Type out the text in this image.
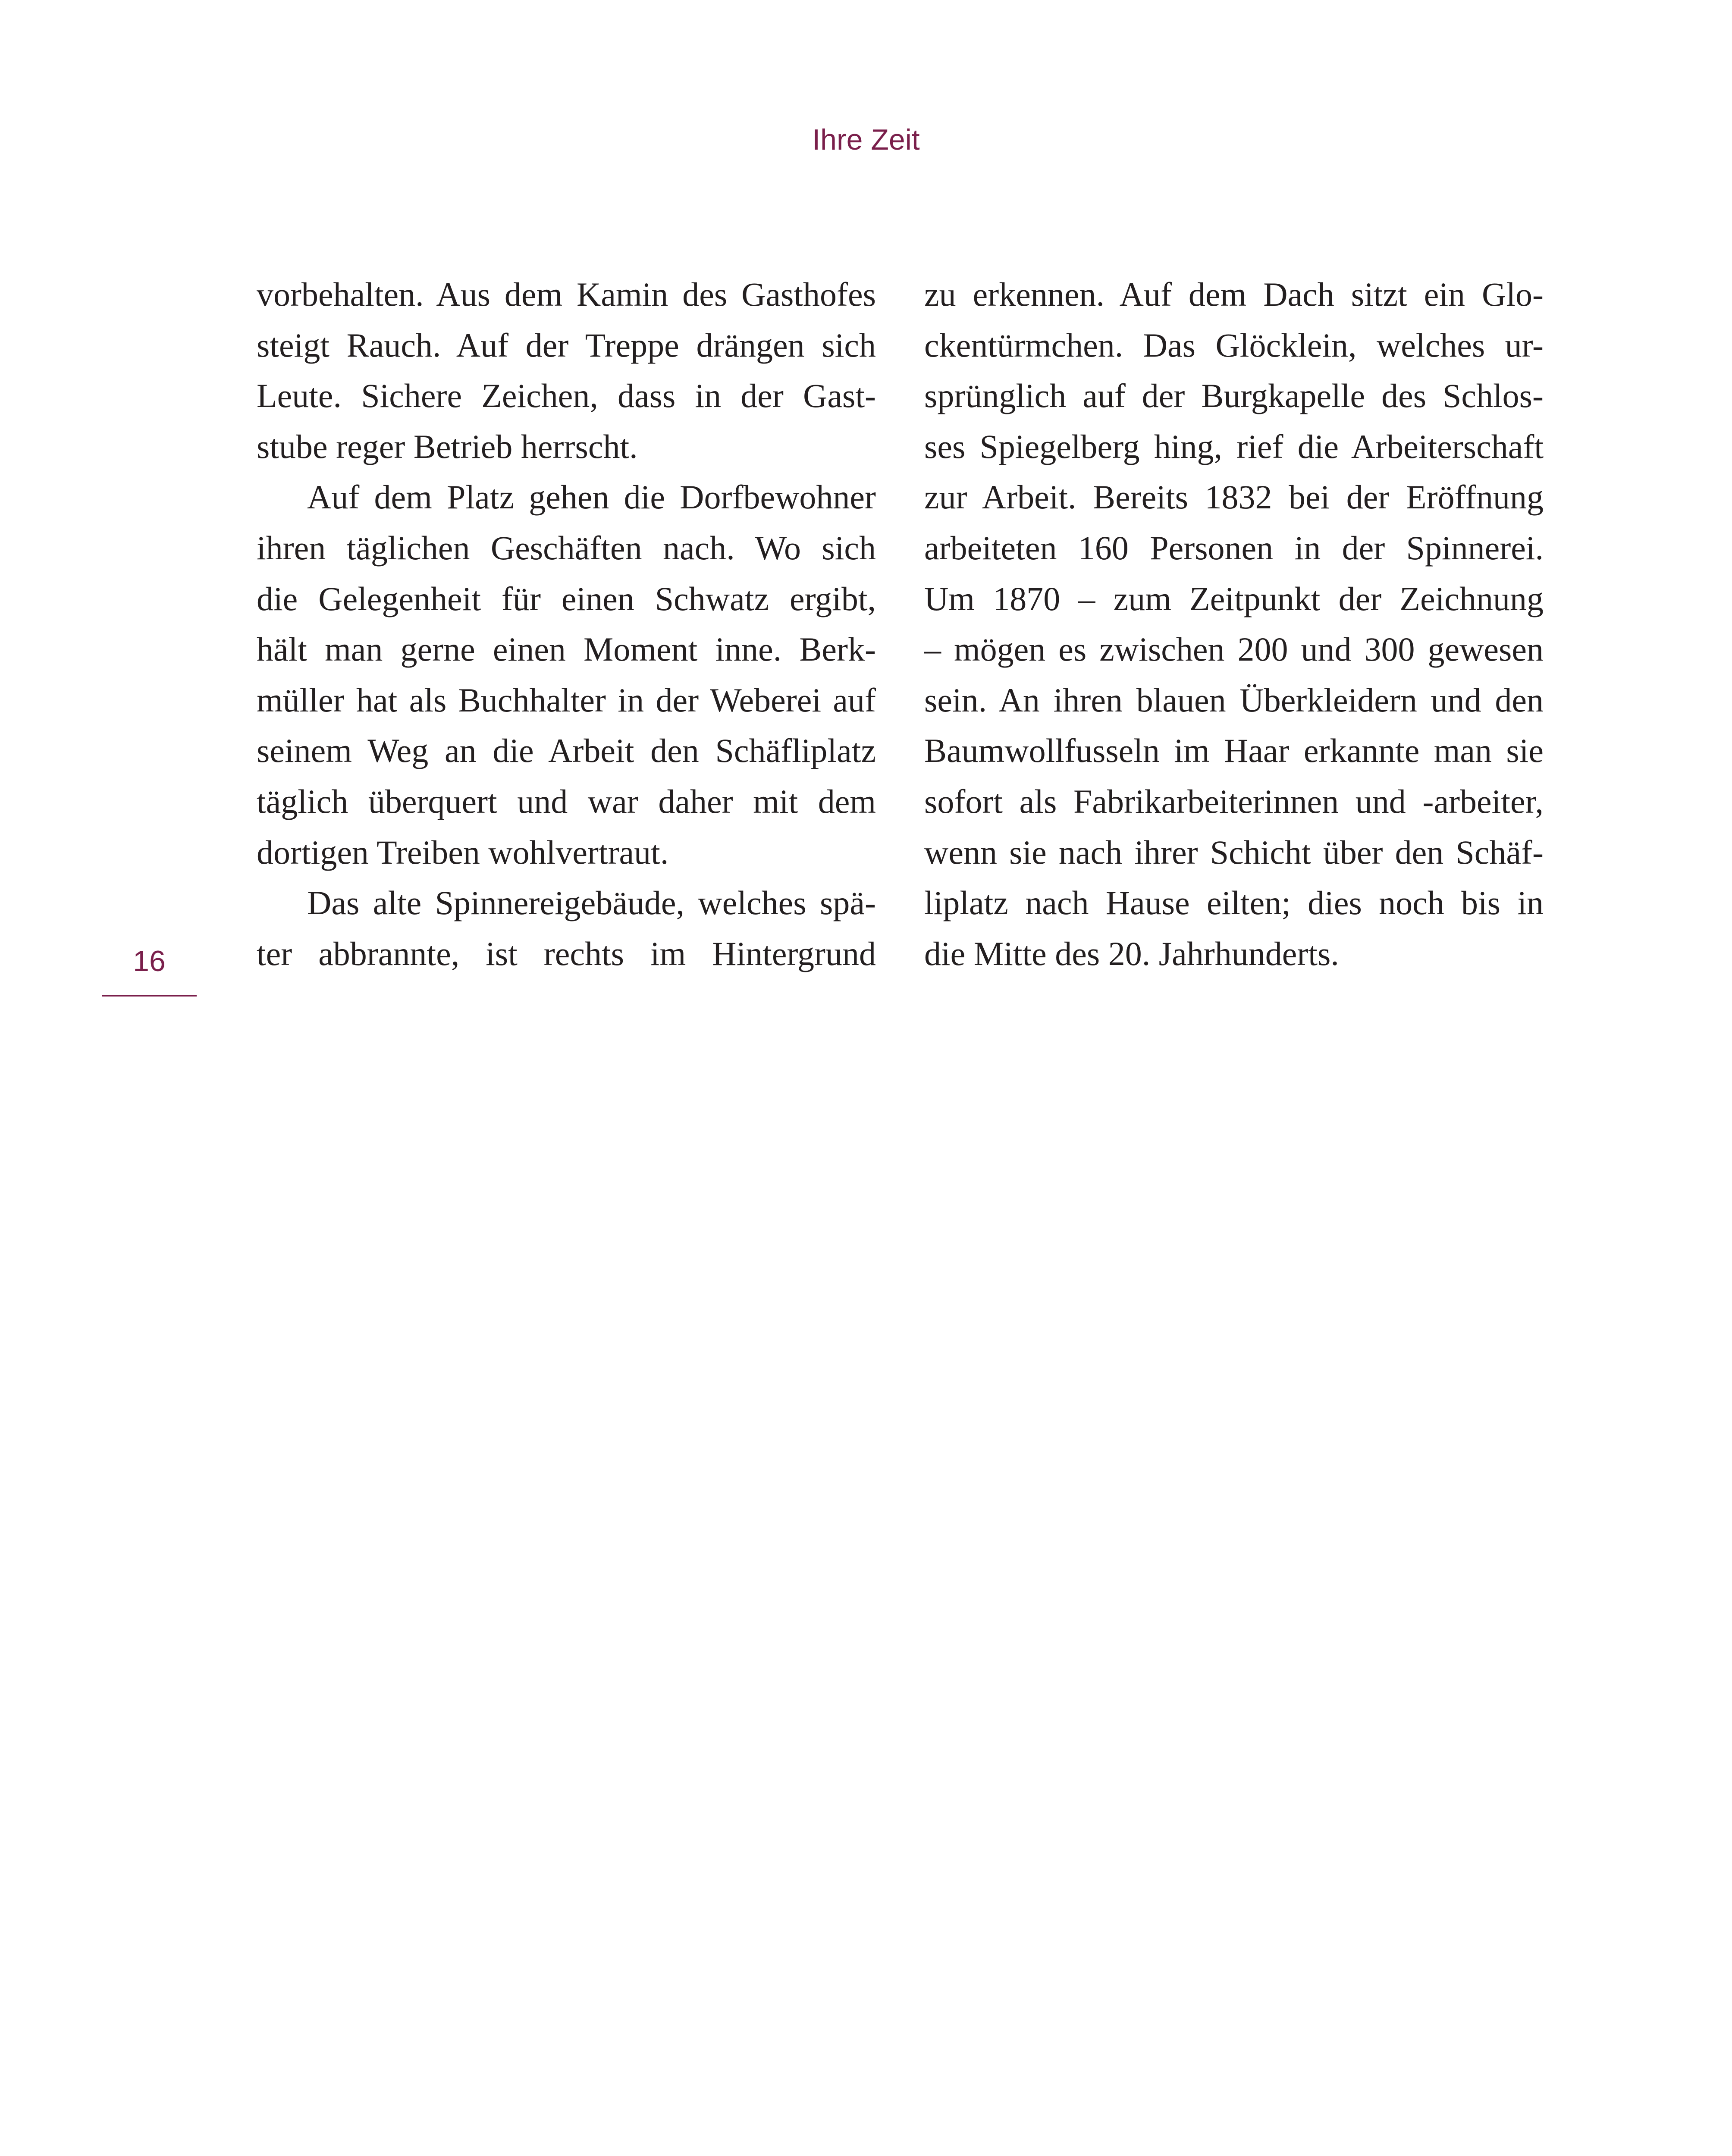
Ihre Zeit
vorbehalten. Aus dem Kamin des Gasthofes
steigt Rauch. Auf der Treppe drängen sich
Leute. Sichere Zeichen, dass in der Gast-
stube reger Betrieb herrscht.
Auf dem Platz gehen die Dorfbewohner
ihren täglichen Geschäften nach. Wo sich
die Gelegenheit für einen Schwatz ergibt,
hält man gerne einen Moment inne. Berk-
müller hat als Buchhalter in der Weberei auf
seinem Weg an die Arbeit den Schäfliplatz
täglich überquert und war daher mit dem
dortigen Treiben wohlvertraut.
Das alte Spinnereigebäude, welches spä-
ter abbrannte, ist rechts im Hintergrund
zu erkennen. Auf dem Dach sitzt ein Glo-
ckentürmchen. Das Glöcklein, welches ur-
sprünglich auf der Burgkapelle des Schlos-
ses Spiegelberg hing, rief die Arbeiterschaft
zur Arbeit. Bereits 1832 bei der Eröffnung
arbeiteten 160 Personen in der Spinnerei.
Um 1870 – zum Zeitpunkt der Zeichnung
– mögen es zwischen 200 und 300 gewesen
sein. An ihren blauen Überkleidern und den
Baumwollfusseln im Haar erkannte man sie
sofort als Fabrikarbeiterinnen und -arbeiter,
wenn sie nach ihrer Schicht über den Schäf-
liplatz nach Hause eilten; dies noch bis in
die Mitte des 20. Jahrhunderts.
16
